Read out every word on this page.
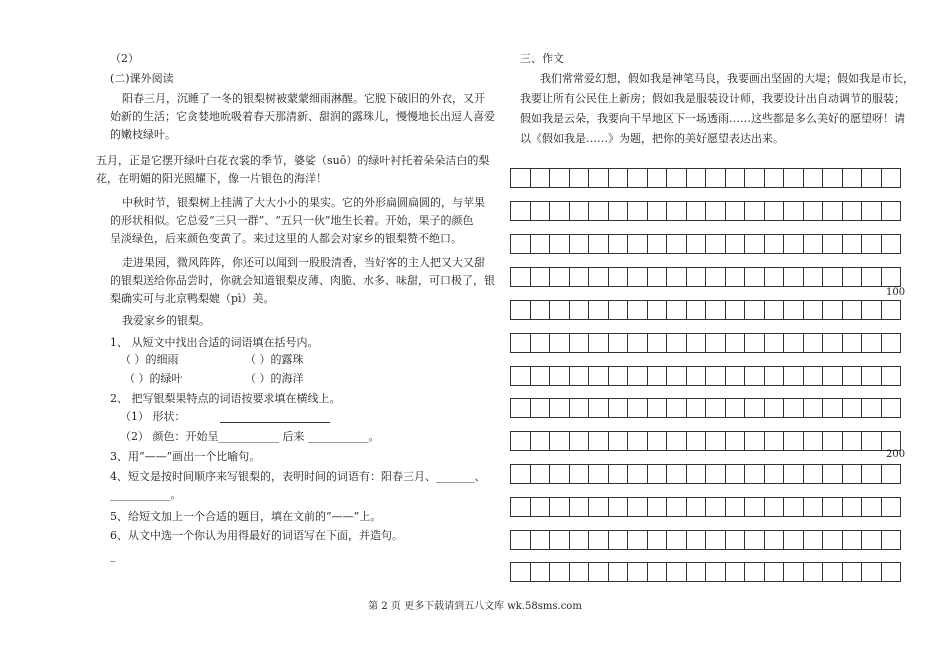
（2）
(二)课外阅读
阳春三月，沉睡了一冬的银梨树被蒙蒙细雨淋醒。它脱下破旧的外衣，又开
始新的生活；它贪婪地吮吸着春天那清新、甜润的露珠儿，慢慢地长出逗人喜爱
的嫩枝绿叶。
五月，正是它摆开绿叶白花衣裳的季节，婆娑（suō）的绿叶衬托着朵朵洁白的梨
花，在明媚的阳光照耀下，像一片银色的海洋！
中秋时节，银梨树上挂满了大大小小的果实。它的外形扁圆扁圆的，与苹果
的形状相似。它总爱“三只一群”、“五只一伙”地生长着。开始，果子的颜色
呈淡绿色，后来颜色变黄了。来过这里的人都会对家乡的银梨赞不绝口。
走进果园，微风阵阵，你还可以闻到一股股清香，当好客的主人把又大又甜
的银梨送给你品尝时，你就会知道银梨皮薄、肉脆、水多、味甜，可口极了，银
梨确实可与北京鸭梨媲（pì）美。
我爱家乡的银梨。
1、 从短文中找出合适的词语填在括号内。
（ ）的细雨	（ ）的露珠
（ ）的绿叶	（ ）的海洋
2、 把写银梨果特点的词语按要求填在横线上。
（1） 形状：
（2） 颜色：开始呈___________ 后来 ___________。
3、用“——”画出一个比喻句。
4、短文是按时间顺序来写银梨的，表明时间的词语有：阳春三月、_______、
___________。
5、给短文加上一个合适的题目，填在文前的“——”上。
6、从文中选一个你认为用得最好的词语写在下面，并造句。
_
三、作文
我们常常爱幻想，假如我是神笔马良，我要画出坚固的大堤；假如我是市长，
我要让所有公民住上新房；假如我是服装设计师，我要设计出自动调节的服装；
假如我是云朵，我要向干旱地区下一场透雨……这些都是多么美好的愿望呀！请
以《假如我是……》为题，把你的美好愿望表达出来。
100
200
第 2 页 更多下载请到五八文库 wk.58sms.com
